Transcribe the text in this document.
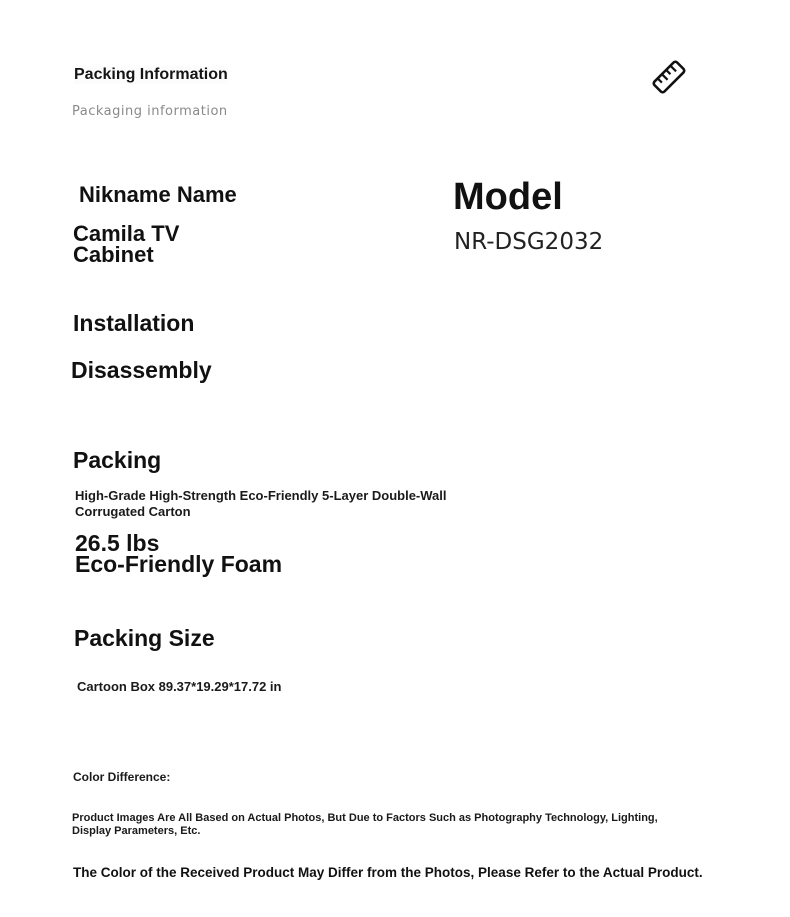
Packing Information
Packaging information
Nikname Name
Camila TV
Cabinet
Model
NR-DSG2032
Installation
Disassembly
Packing
High-Grade High-Strength Eco-Friendly 5-Layer Double-Wall
Corrugated Carton
26.5 lbs
Eco-Friendly Foam
Packing Size
Cartoon Box 89.37*19.29*17.72 in
Color Difference:
Product Images Are All Based on Actual Photos, But Due to Factors Such as Photography Technology, Lighting,
Display Parameters, Etc.
The Color of the Received Product May Differ from the Photos, Please Refer to the Actual Product.
